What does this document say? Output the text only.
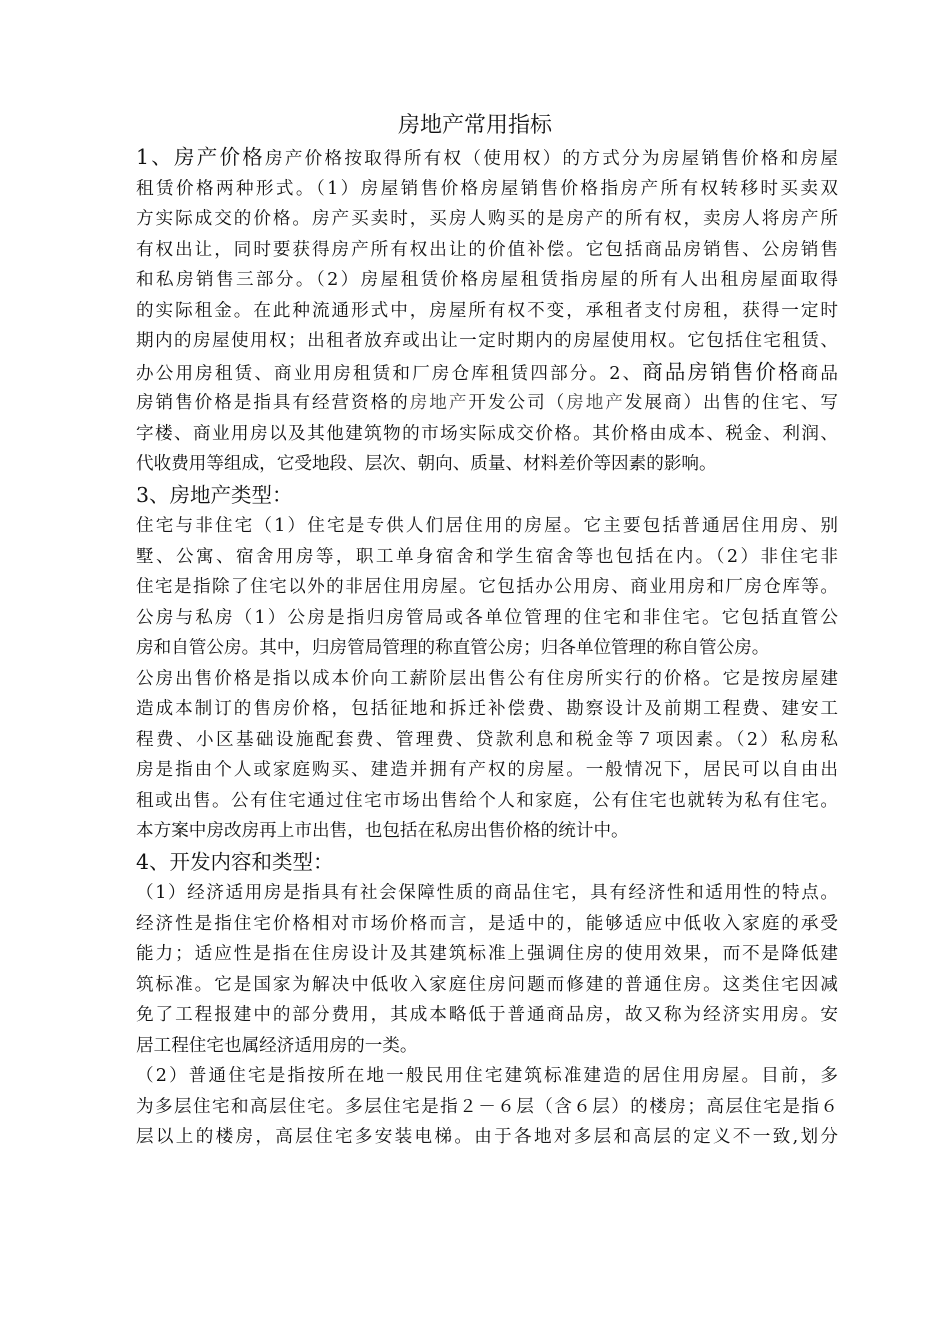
房地产常用指标
1、房产价格房产价格按取得所有权（使用权）的方式分为房屋销售价格和房屋
租赁价格两种形式。（1）房屋销售价格房屋销售价格指房产所有权转移时买卖双
方实际成交的价格。房产买卖时，买房人购买的是房产的所有权，卖房人将房产所
有权出让，同时要获得房产所有权出让的价值补偿。它包括商品房销售、公房销售
和私房销售三部分。（2）房屋租赁价格房屋租赁指房屋的所有人出租房屋面取得
的实际租金。在此种流通形式中，房屋所有权不变，承租者支付房租，获得一定时
期内的房屋使用权；出租者放弃或出让一定时期内的房屋使用权。它包括住宅租赁、
办公用房租赁、商业用房租赁和厂房仓库租赁四部分。2、商品房销售价格商品
房销售价格是指具有经营资格的房地产开发公司（房地产发展商）出售的住宅、写
字楼、商业用房以及其他建筑物的市场实际成交价格。其价格由成本、税金、利润、
代收费用等组成，它受地段、层次、朝向、质量、材料差价等因素的影响。
3、房地产类型：
住宅与非住宅（1）住宅是专供人们居住用的房屋。它主要包括普通居住用房、别
墅、公寓、宿舍用房等，职工单身宿舍和学生宿舍等也包括在内。（2）非住宅非
住宅是指除了住宅以外的非居住用房屋。它包括办公用房、商业用房和厂房仓库等。
公房与私房（1）公房是指归房管局或各单位管理的住宅和非住宅。它包括直管公
房和自管公房。其中，归房管局管理的称直管公房；归各单位管理的称自管公房。
公房出售价格是指以成本价向工薪阶层出售公有住房所实行的价格。它是按房屋建
造成本制订的售房价格，包括征地和拆迁补偿费、勘察设计及前期工程费、建安工
程费、小区基础设施配套费、管理费、贷款利息和税金等７项因素。（2）私房私
房是指由个人或家庭购买、建造并拥有产权的房屋。一般情况下，居民可以自由出
租或出售。公有住宅通过住宅市场出售给个人和家庭，公有住宅也就转为私有住宅。
本方案中房改房再上市出售，也包括在私房出售价格的统计中。
4、开发内容和类型：
（1）经济适用房是指具有社会保障性质的商品住宅，具有经济性和适用性的特点。
经济性是指住宅价格相对市场价格而言，是适中的，能够适应中低收入家庭的承受
能力；适应性是指在住房设计及其建筑标准上强调住房的使用效果，而不是降低建
筑标准。它是国家为解决中低收入家庭住房问题而修建的普通住房。这类住宅因减
免了工程报建中的部分费用，其成本略低于普通商品房，故又称为经济实用房。安
居工程住宅也属经济适用房的一类。
（2）普通住宅是指按所在地一般民用住宅建筑标准建造的居住用房屋。目前，多
为多层住宅和高层住宅。多层住宅是指２－６层（含６层）的楼房；高层住宅是指６
层以上的楼房，高层住宅多安装电梯。由于各地对多层和高层的定义不一致,划分
